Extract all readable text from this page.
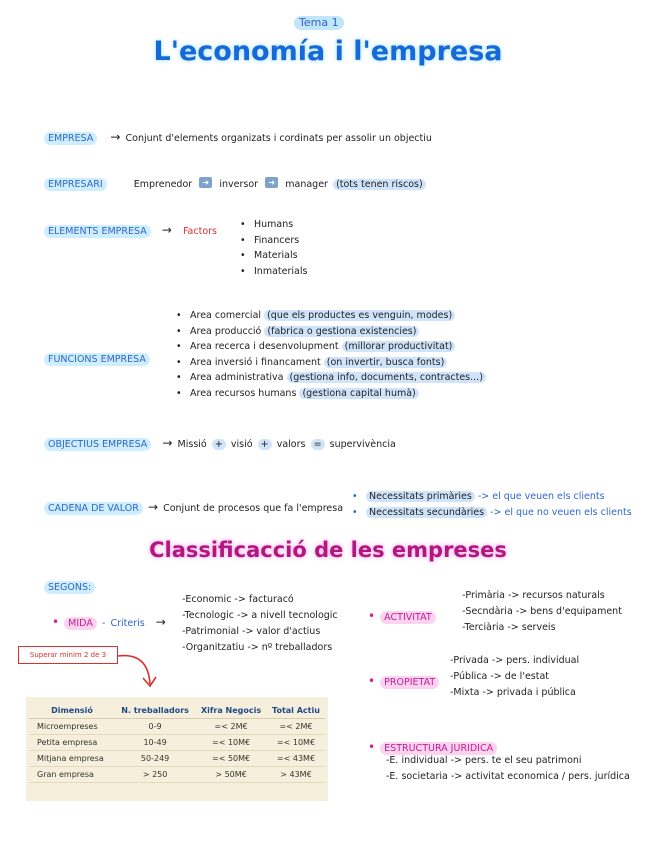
Tema 1
L'economía i l'empresa
EMPRESA → Conjunt d'elements organizats i cordinats per assolir un objectiu
EMPRESARI	Emprenedor ➜ inversor ➜ manager (tots tenen riscos)
ELEMENTS EMPRESA → Factors
• Humans
• Financers
• Materials
• Inmaterials
FUNCIONS EMPRESA
• Area comercial (que els productes es venguin, modes)
• Area producció (fabrica o gestiona existencies)
• Area recerca i desenvolupment (millorar productivitat)
• Area inversió i financament (on invertir, busca fonts)
• Area administrativa (gestiona info, documents, contractes...)
• Area recursos humans (gestiona capital humà)
OBJECTIUS EMPRESA → Missió + visió + valors = supervivència
CADENA DE VALOR → Conjunt de procesos que fa l'empresa
• Necessitats primàries -> el que veuen els clients
• Necessitats secundàries -> el que no veuen els clients
Classificacció de les empreses
SEGONS:
• MIDA - Criteris →
-Economic -> facturacó
-Tecnologic -> a nivell tecnologic
-Patrimonial -> valor d'actius
-Organitzatiu -> nº treballadors
Superar minim 2 de 3
Dimensió	N. treballadors	Xifra Negocis	Total Actiu
Microempreses	0-9	=< 2M€	=< 2M€
Petita empresa	10-49	=< 10M€	=< 10M€
Mitjana empresa	50-249	=< 50M€	=< 43M€
Gran empresa	> 250	> 50M€	> 43M€
• ACTIVITAT
-Primària -> recursos naturals
-Secndària -> bens d'equipament
-Terciària -> serveis
• PROPIETAT
-Privada -> pers. individual
-Pública -> de l'estat
-Mixta -> privada i pública
• ESTRUCTURA JURIDICA
-E. individual -> pers. te el seu patrimoni
-E. societaria -> activitat economica / pers. jurídica
